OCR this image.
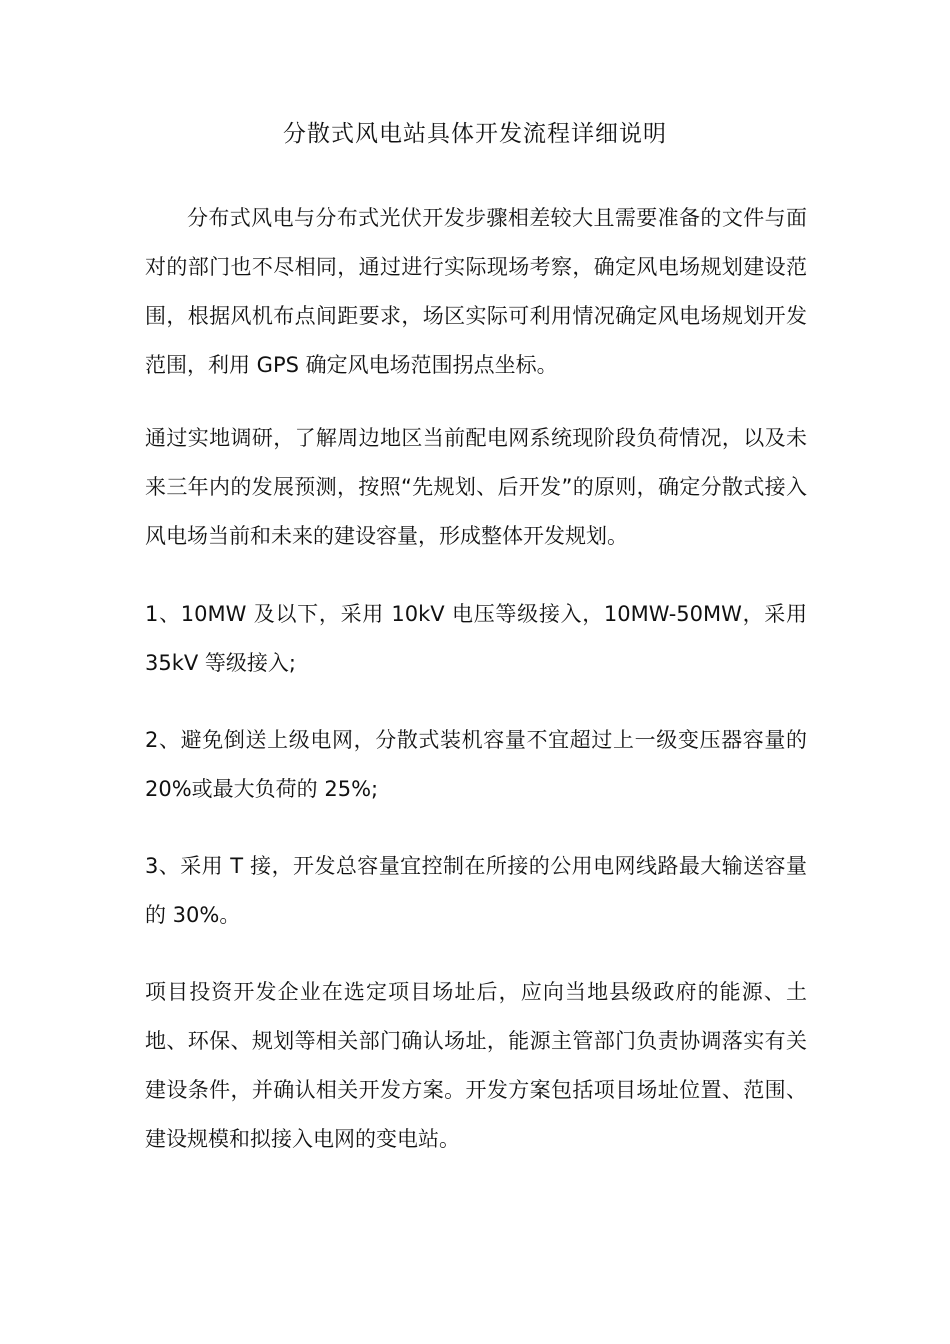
分散式风电站具体开发流程详细说明

分布式风电与分布式光伏开发步骤相差较大且需要准备的文件与面对的部门也不尽相同，通过进行实际现场考察，确定风电场规划建设范围，根据风机布点间距要求，场区实际可利用情况确定风电场规划开发范围，利用 GPS 确定风电场范围拐点坐标。

通过实地调研，了解周边地区当前配电网系统现阶段负荷情况，以及未来三年内的发展预测，按照“先规划、后开发”的原则，确定分散式接入风电场当前和未来的建设容量，形成整体开发规划。

1、10MW 及以下，采用 10kV 电压等级接入，10MW-50MW，采用 35kV 等级接入;

2、避免倒送上级电网，分散式装机容量不宜超过上一级变压器容量的 20%或最大负荷的 25%;

3、采用 T 接，开发总容量宜控制在所接的公用电网线路最大输送容量的 30%。

项目投资开发企业在选定项目场址后，应向当地县级政府的能源、土地、环保、规划等相关部门确认场址，能源主管部门负责协调落实有关建设条件，并确认相关开发方案。开发方案包括项目场址位置、范围、建设规模和拟接入电网的变电站。
